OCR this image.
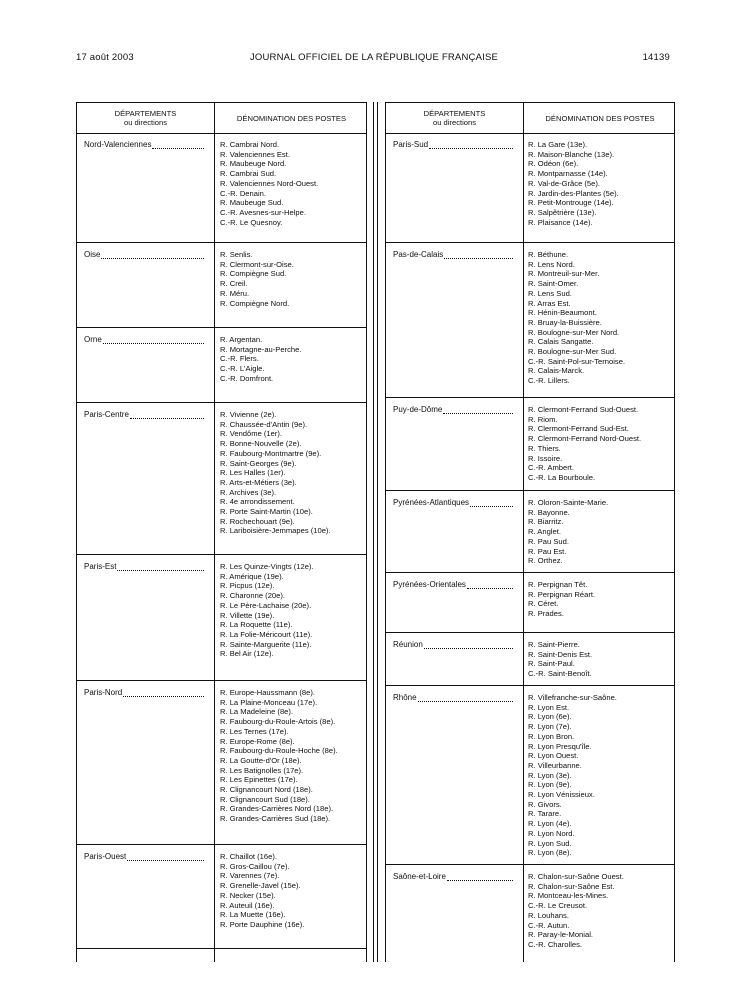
17 août 2003	JOURNAL OFFICIEL DE LA RÉPUBLIQUE FRANÇAISE	14139
DÉPARTEMENTS
ou directions	DÉNOMINATION DES POSTES
Nord-Valenciennes	R. Cambrai Nord.
R. Valenciennes Est.
R. Maubeuge Nord.
R. Cambrai Sud.
R. Valenciennes Nord-Ouest.
C.-R. Denain.
R. Maubeuge Sud.
C.-R. Avesnes-sur-Helpe.
C.-R. Le Quesnoy.
Oise	R. Senlis.
R. Clermont-sur-Oise.
R. Compiègne Sud.
R. Creil.
R. Méru.
R. Compiègne Nord.
Orne	R. Argentan.
R. Mortagne-au-Perche.
C.-R. Flers.
C.-R. L'Aigle.
C.-R. Domfront.
Paris-Centre	R. Vivienne (2e).
R. Chaussée-d'Antin (9e).
R. Vendôme (1er).
R. Bonne-Nouvelle (2e).
R. Faubourg-Montmartre (9e).
R. Saint-Georges (9e).
R. Les Halles (1er).
R. Arts-et-Métiers (3e).
R. Archives (3e).
R. 4e arrondissement.
R. Porte Saint-Martin (10e).
R. Rochechouart (9e).
R. Lariboisière-Jemmapes (10e).
Paris-Est	R. Les Quinze-Vingts (12e).
R. Amérique (19e).
R. Picpus (12e).
R. Charonne (20e).
R. Le Père-Lachaise (20e).
R. Villette (19e).
R. La Roquette (11e).
R. La Folie-Méricourt (11e).
R. Sainte-Marguerite (11e).
R. Bel Air (12e).
Paris-Nord	R. Europe-Haussmann (8e).
R. La Plaine-Monceau (17e).
R. La Madeleine (8e).
R. Faubourg-du-Roule-Artois (8e).
R. Les Ternes (17e).
R. Europe-Rome (8e).
R. Faubourg-du-Roule-Hoche (8e).
R. La Goutte-d'Or (18e).
R. Les Batignolles (17e).
R. Les Epinettes (17e).
R. Clignancourt Nord (18e).
R. Clignancourt Sud (18e).
R. Grandes-Carrières Nord (18e).
R. Grandes-Carrières Sud (18e).
Paris-Ouest	R. Chaillot (16e).
R. Gros-Caillou (7e).
R. Varennes (7e).
R. Grenelle-Javel (15e).
R. Necker (15e).
R. Auteuil (16e).
R. La Muette (16e).
R. Porte Dauphine (16e).
DÉPARTEMENTS
ou directions	DÉNOMINATION DES POSTES
Paris-Sud	R. La Gare (13e).
R. Maison-Blanche (13e).
R. Odéon (6e).
R. Montparnasse (14e).
R. Val-de-Grâce (5e).
R. Jardin-des-Plantes (5e).
R. Petit-Montrouge (14e).
R. Salpêtrière (13e).
R. Plaisance (14e).
Pas-de-Calais	R. Béthune.
R. Lens Nord.
R. Montreuil-sur-Mer.
R. Saint-Omer.
R. Lens Sud.
R. Arras Est.
R. Hénin-Beaumont.
R. Bruay-la-Buissière.
R. Boulogne-sur-Mer Nord.
R. Calais Sangatte.
R. Boulogne-sur-Mer Sud.
C.-R. Saint-Pol-sur-Ternoise.
R. Calais-Marck.
C.-R. Lillers.
Puy-de-Dôme	R. Clermont-Ferrand Sud-Ouest.
R. Riom.
R. Clermont-Ferrand Sud-Est.
R. Clermont-Ferrand Nord-Ouest.
R. Thiers.
R. Issoire.
C.-R. Ambert.
C.-R. La Bourboule.
Pyrénées-Atlantiques	R. Oloron-Sainte-Marie.
R. Bayonne.
R. Biarritz.
R. Anglet.
R. Pau Sud.
R. Pau Est.
R. Orthez.
Pyrénées-Orientales	R. Perpignan Têt.
R. Perpignan Réart.
R. Céret.
R. Prades.
Réunion	R. Saint-Pierre.
R. Saint-Denis Est.
R. Saint-Paul.
C.-R. Saint-Benoît.
Rhône	R. Villefranche-sur-Saône.
R. Lyon Est.
R. Lyon (6e).
R. Lyon (7e).
R. Lyon Bron.
R. Lyon Presqu'île.
R. Lyon Ouest.
R. Villeurbanne.
R. Lyon (3e).
R. Lyon (9e).
R. Lyon Vénissieux.
R. Givors.
R. Tarare.
R. Lyon (4e).
R. Lyon Nord.
R. Lyon Sud.
R. Lyon (8e).
Saône-et-Loire	R. Chalon-sur-Saône Ouest.
R. Chalon-sur-Saône Est.
R. Montceau-les-Mines.
C.-R. Le Creusot.
R. Louhans.
C.-R. Autun.
R. Paray-le-Monial.
C.-R. Charolles.
